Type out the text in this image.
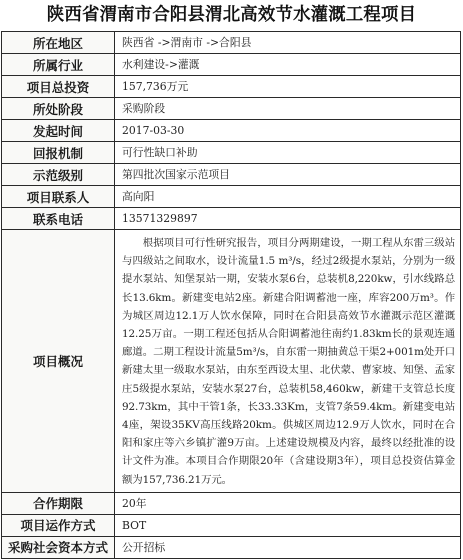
陕西省渭南市合阳县渭北高效节水灌溉工程项目
所在地区	陕西省 ->渭南市 ->合阳县
所属行业	水利建设->灌溉
项目总投资	157,736万元
所处阶段	采购阶段
发起时间	2017-03-30
回报机制	可行性缺口补助
示范级别	第四批次国家示范项目
项目联系人	高向阳
联系电话	13571329897
项目概况	根据项目可行性研究报告，项目分两期建设，一期工程从东雷三级站与四级站之间取水，设计流量1.5 m³/s，经过2级提水泵站，分别为一级提水泵站、知堡泵站一期，安装水泵6台，总装机8,220kw，引水线路总长13.6km。新建变电站2座。新建合阳调蓄池一座，库容200万m³。作为城区周边12.1万人饮水保障，同时在合阳县高效节水灌溉示范区灌溉12.25万亩。一期工程还包括从合阳调蓄池往南约1.83km长的景观连通廊道。二期工程设计流量5m³/s，自东雷一期抽黄总干渠2+001m处开口新建太里一级取水泵站，由东至西设太里、北伏蒙、曹家坡、知堡、孟家庄5级提水泵站，安装水泵27台，总装机58,460kw，新建干支管总长度92.73km，其中干管1条，长33.33Km，支管7条59.4km。新建变电站4座，架设35KV高压线路20km。供城区周边12.9万人饮水，同时在合阳和家庄等六乡镇扩灌9万亩。上述建设规模及内容，最终以经批准的设计文件为准。本项目合作期限20年（含建设期3年），项目总投资估算金额为157,736.21万元。
合作期限	20年
项目运作方式	BOT
采购社会资本方式	公开招标
